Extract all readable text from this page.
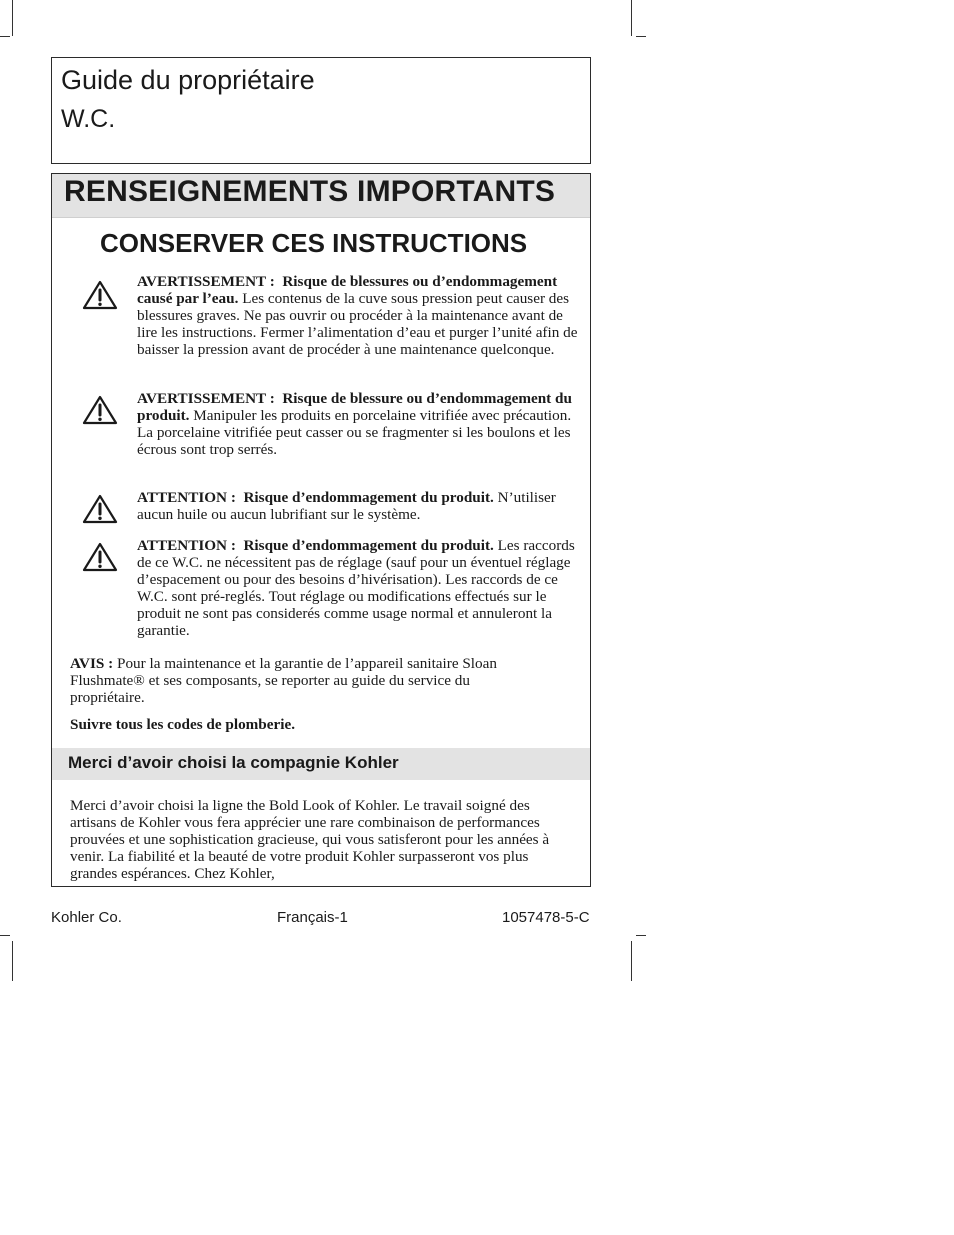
Guide du propriétaire
W.C.
RENSEIGNEMENTS IMPORTANTS
CONSERVER CES INSTRUCTIONS
AVERTISSEMENT : Risque de blessures ou d’endommagement causé par l’eau. Les contenus de la cuve sous pression peut causer des blessures graves. Ne pas ouvrir ou procéder à la maintenance avant de lire les instructions. Fermer l’alimentation d’eau et purger l’unité afin de baisser la pression avant de procéder à une maintenance quelconque.
AVERTISSEMENT : Risque de blessure ou d’endommagement du produit. Manipuler les produits en porcelaine vitrifiée avec précaution. La porcelaine vitrifiée peut casser ou se fragmenter si les boulons et les écrous sont trop serrés.
ATTENTION : Risque d’endommagement du produit. N’utiliser aucun huile ou aucun lubrifiant sur le système.
ATTENTION : Risque d’endommagement du produit. Les raccords de ce W.C. ne nécessitent pas de réglage (sauf pour un éventuel réglage d’espacement ou pour des besoins d’hivérisation). Les raccords de ce W.C. sont pré-reglés. Tout réglage ou modifications effectués sur le produit ne sont pas considerés comme usage normal et annuleront la garantie.
AVIS : Pour la maintenance et la garantie de l’appareil sanitaire Sloan Flushmate® et ses composants, se reporter au guide du service du propriétaire.
Suivre tous les codes de plomberie.
Merci d’avoir choisi la compagnie Kohler
Merci d’avoir choisi la ligne the Bold Look of Kohler. Le travail soigné des artisans de Kohler vous fera apprécier une rare combinaison de performances prouvées et une sophistication gracieuse, qui vous satisferont pour les années à venir. La fiabilité et la beauté de votre produit Kohler surpasseront vos plus grandes espérances. Chez Kohler,
Kohler Co.	Français-1	1057478-5-C
